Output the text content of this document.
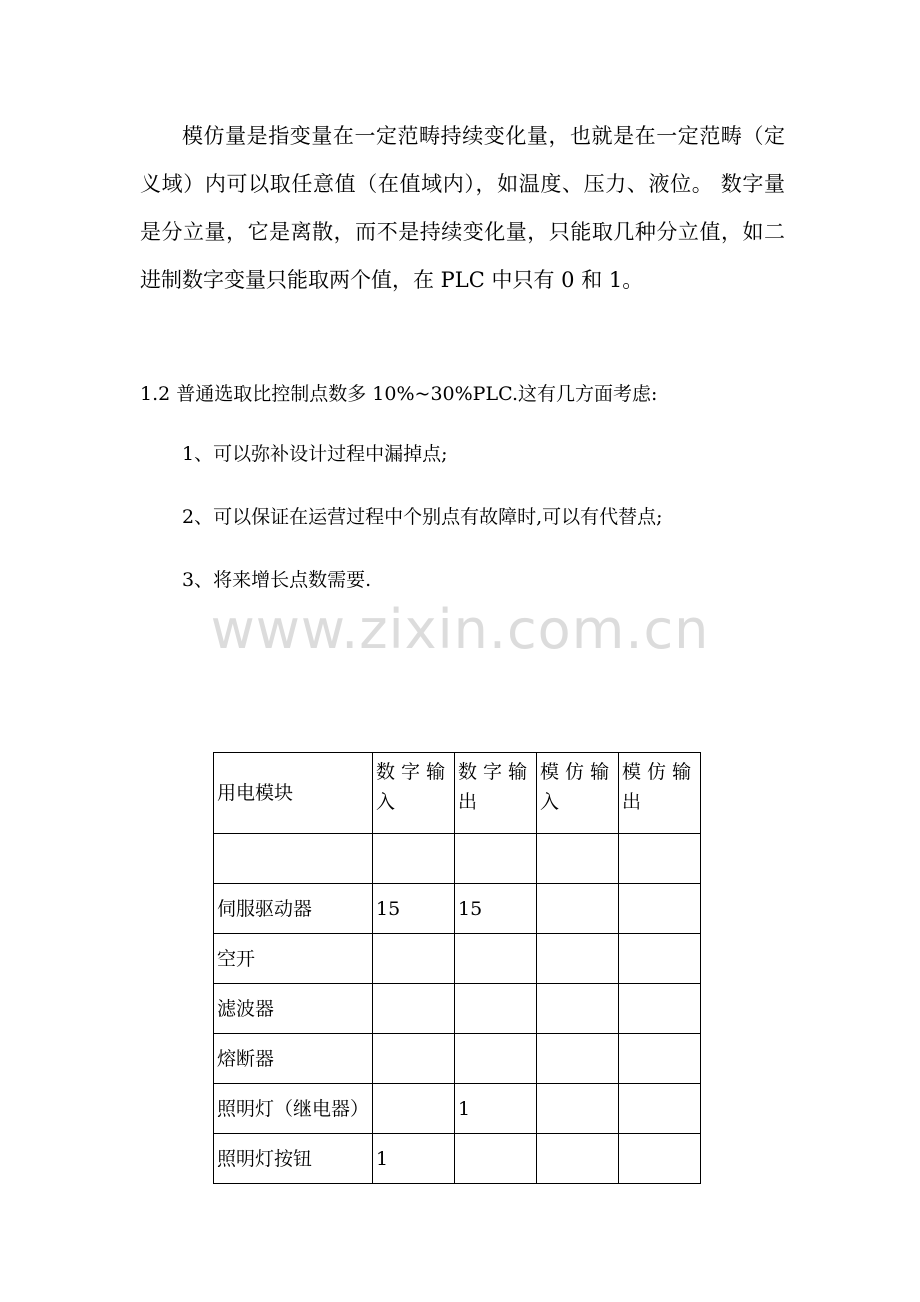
模仿量是指变量在一定范畴持续变化量，也就是在一定范畴（定义域）内可以取任意值（在值域内），如温度、压力、液位。 数字量是分立量，它是离散，而不是持续变化量，只能取几种分立值，如二进制数字变量只能取两个值，在 PLC 中只有 0 和 1。

1.2 普通选取比控制点数多 10%~30%PLC.这有几方面考虑:

1、可以弥补设计过程中漏掉点;
2、可以保证在运营过程中个别点有故障时,可以有代替点;
3、将来增长点数需要.

www.zixin.com.cn

用电模块	数 字 输入	数 字 输出	模 仿 输入	模 仿 输出

伺服驱动器	15	15		
空开				
滤波器				
熔断器				
照明灯（继电器）		1		
照明灯按钮	1			
